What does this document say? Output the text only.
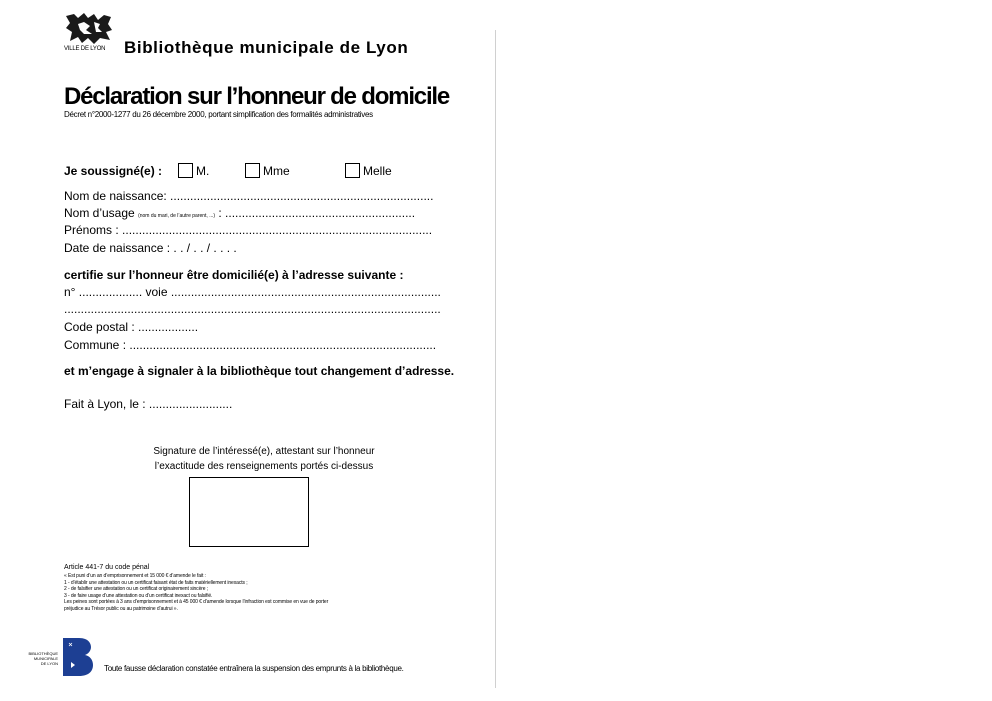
VILLE DE LYON Bibliothèque municipale de Lyon
Déclaration sur l’honneur de domicile
Décret n°2000-1277 du 26 décembre 2000, portant simplification des formalités administratives
Je soussigné(e) :	M.	Mme	Melle
Nom de naissance: ...............................................................................
Nom d’usage (nom du mari, de l’autre parent, ...) : .........................................................
Prénoms : .............................................................................................
Date de naissance : . . / . . / . . . .
certifie sur l’honneur être domicilié(e) à l’adresse suivante :
n° ................... voie .................................................................................
.................................................................................................................
Code postal : ..................
Commune : ............................................................................................
et m’engage à signaler à la bibliothèque tout changement d’adresse.
Fait à Lyon, le : .........................
Signature de l’intéressé(e), attestant sur l’honneur
l’exactitude des renseignements portés ci-dessus
Article 441-7 du code pénal
« Est puni d’un an d’emprisonnement et 15 000 € d’amende le fait :
1 - d’établir une attestation ou un certificat faisant état de faits matériellement inexacts ;
2 - de falsifier une attestation ou un certificat originairement sincère ;
3 - de faire usage d’une attestation ou d’un certificat inexact ou falsifié.
Les peines sont portées à 3 ans d’emprisonnement et à 45 000 € d’amende lorsque l’infraction est commise en vue de porter
préjudice au Trésor public ou au patrimoine d’autrui ».
BIBLIOTHÈQUE
MUNICIPALE
DE LYON
Toute fausse déclaration constatée entraînera la suspension des emprunts à la bibliothèque.
